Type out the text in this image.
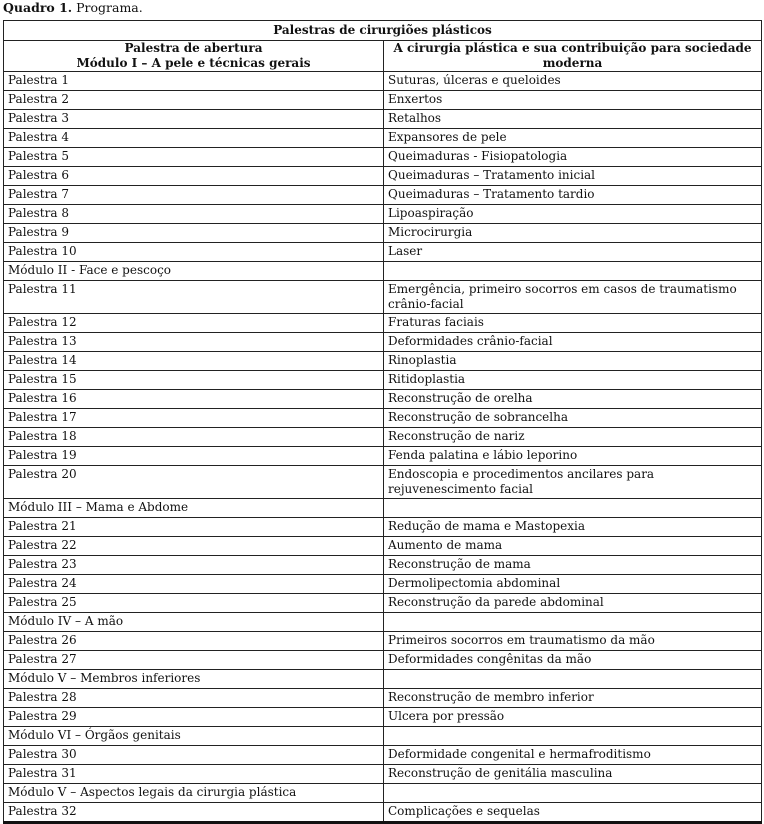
Quadro 1. Programa.
Palestras de cirurgiões plásticos	

Palestra de abertura
Módulo I – A pele e técnicas gerais	A cirurgia plástica e sua contribuição para sociedade moderna
Palestra 1	Suturas, úlceras e queloides
Palestra 2	Enxertos
Palestra 3	Retalhos
Palestra 4	Expansores de pele
Palestra 5	Queimaduras - Fisiopatologia
Palestra 6	Queimaduras – Tratamento inicial
Palestra 7	Queimaduras – Tratamento tardio
Palestra 8	Lipoaspiração
Palestra 9	Microcirurgia
Palestra 10	Laser
Módulo II - Face e pescoço	
Palestra 11	Emergência, primeiro socorros em casos de traumatismo crânio-facial
Palestra 12	Fraturas faciais
Palestra 13	Deformidades crânio-facial
Palestra 14	Rinoplastia
Palestra 15	Ritidoplastia
Palestra 16	Reconstrução de orelha
Palestra 17	Reconstrução de sobrancelha
Palestra 18	Reconstrução de nariz
Palestra 19	Fenda palatina e lábio leporino
Palestra 20	Endoscopia e procedimentos ancilares para rejuvenescimento facial
Módulo III – Mama e Abdome	
Palestra 21	Redução de mama e Mastopexia
Palestra 22	Aumento de mama
Palestra 23	Reconstrução de mama
Palestra 24	Dermolipectomia abdominal
Palestra 25	Reconstrução da parede abdominal
Módulo IV – A mão	
Palestra 26	Primeiros socorros em traumatismo da mão
Palestra 27	Deformidades congênitas da mão
Módulo V – Membros inferiores	
Palestra 28	Reconstrução de membro inferior
Palestra 29	Ulcera por pressão
Módulo VI – Órgãos genitais	
Palestra 30	Deformidade congenital e hermafroditismo
Palestra 31	Reconstrução de genitália masculina
Módulo V – Aspectos legais da cirurgia plástica	
Palestra 32	Complicações e sequelas
